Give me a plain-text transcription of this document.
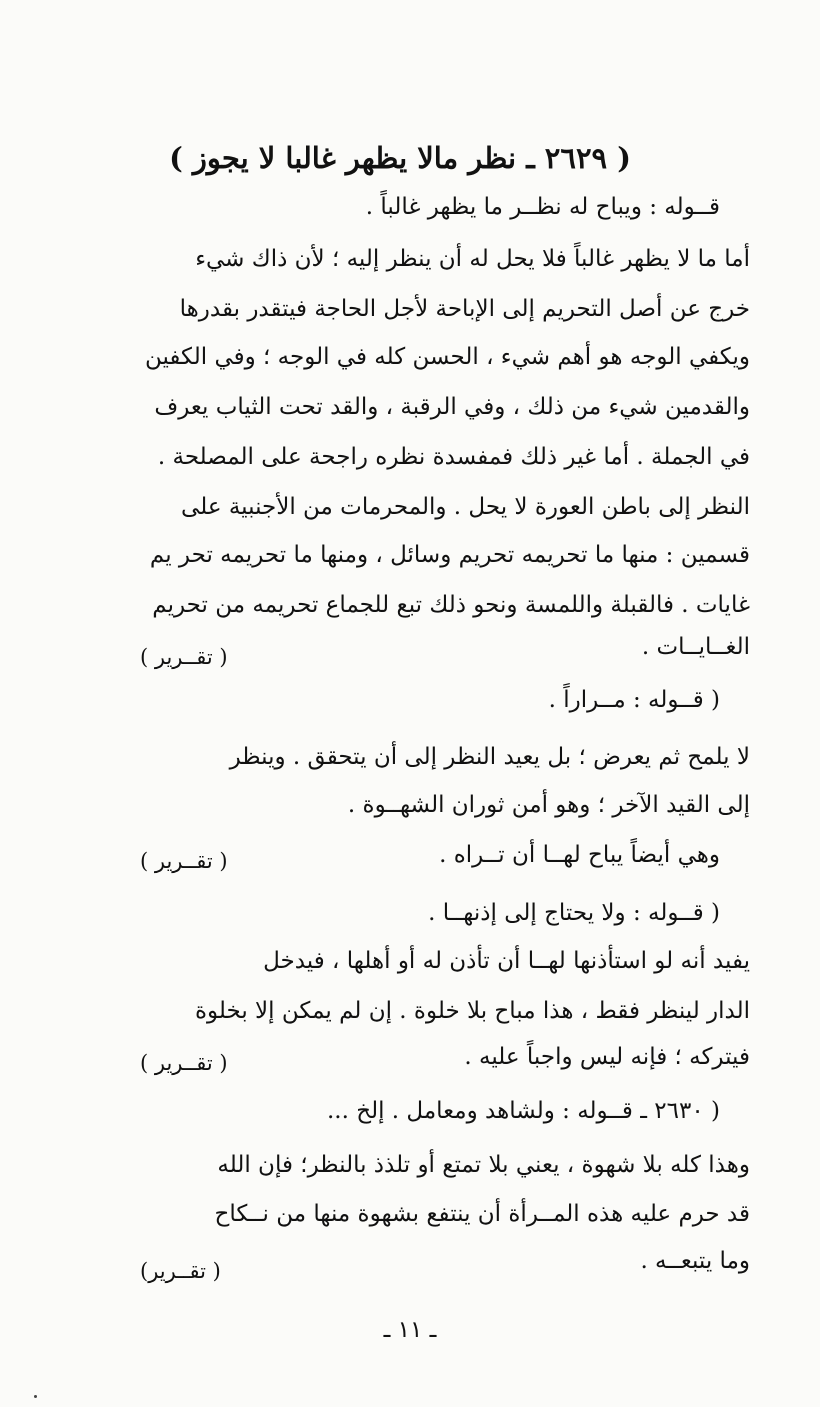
( ٢٦٢٩ ـ نظر مالا يظهر غالبا لا يجوز )
قــوله : ويباح له نظــر ما يظهر غالباً .
أما ما لا يظهر غالباً فلا يحل له أن ينظر إليه ؛ لأن ذاك شيء
خرج عن أصل التحريم إلى الإباحة لأجل الحاجة فيتقدر بقدرها
ويكفي الوجه هو أهم شيء ، الحسن كله في الوجه ؛ وفي الكفين
والقدمين شيء من ذلك ، وفي الرقبة ، والقد تحت الثياب يعرف
في الجملة . أما غير ذلك فمفسدة نظره راجحة على المصلحة .
النظر إلى باطن العورة لا يحل . والمحرمات من الأجنبية على
قسمين : منها ما تحريمه تحريم وسائل ، ومنها ما تحريمه تحر يم
غايات . فالقبلة واللمسة ونحو ذلك تبع للجماع تحريمه من تحريم
الغــايــات .
( تقــرير )
( قــوله : مــراراً .
لا يلمح ثم يعرض ؛ بل يعيد النظر إلى أن يتحقق . وينظر
إلى القيد الآخر ؛ وهو أمن ثوران الشهــوة .
وهي أيضاً يباح لهــا أن تــراه .
( تقــرير )
( قــوله : ولا يحتاج إلى إذنهــا .
يفيد أنه لو استأذنها لهــا أن تأذن له أو أهلها ، فيدخل
الدار لينظر فقط ، هذا مباح بلا خلوة . إن لم يمكن إلا بخلوة
فيتركه ؛ فإنه ليس واجباً عليه .
( تقــرير )
( ٢٦٣٠ ـ قــوله : ولشاهد ومعامل . إلخ ...
وهذا كله بلا شهوة ، يعني بلا تمتع أو تلذذ بالنظر؛ فإن الله
قد حرم عليه هذه المــرأة أن ينتفع بشهوة منها من نــكاح
وما يتبعــه .
( تقــرير)
ـ ١١ ـ
